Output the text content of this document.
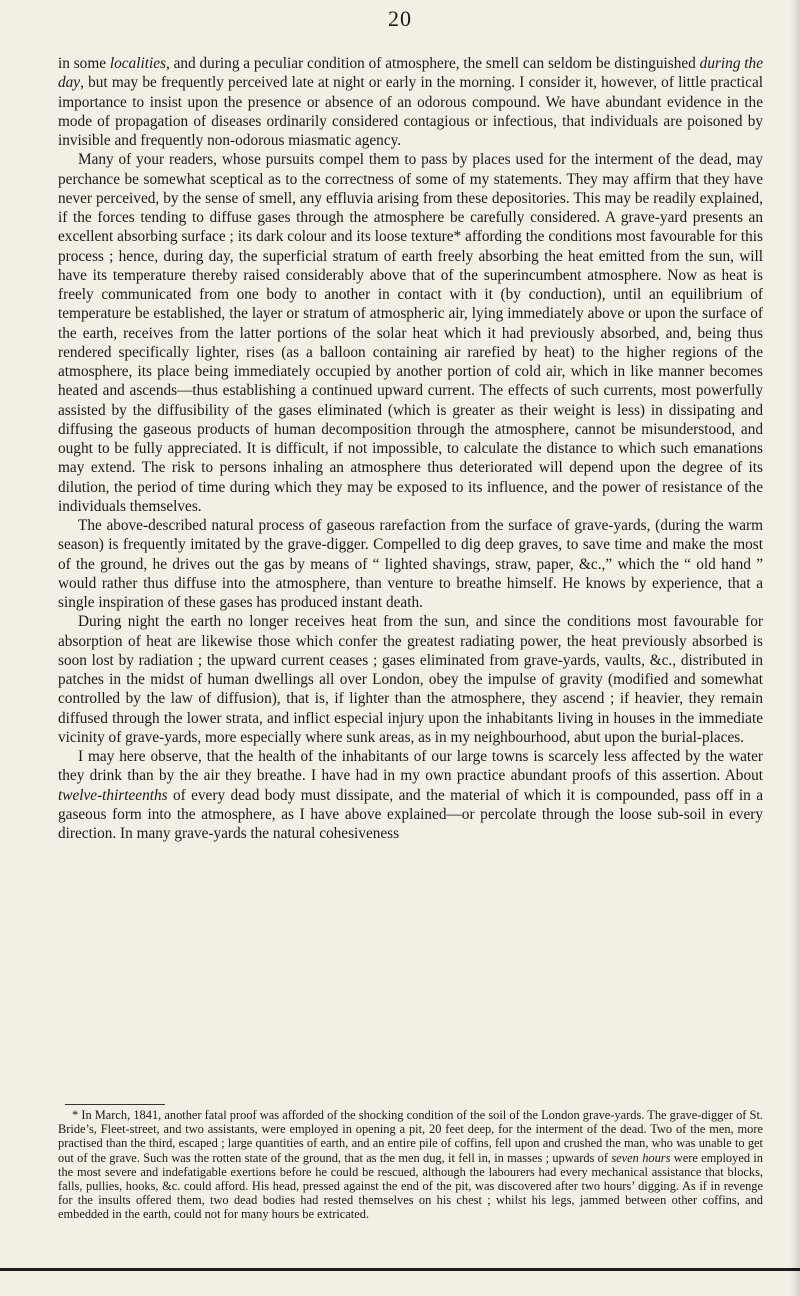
20

in some localities, and during a peculiar condition of atmosphere, the smell can seldom be distinguished during the day, but may be frequently perceived late at night or early in the morning. I consider it, however, of little practical importance to insist upon the presence or absence of an odorous compound. We have abundant evidence in the mode of propagation of diseases ordinarily considered contagious or infectious, that individuals are poisoned by invisible and frequently non-odorous miasmatic agency.

Many of your readers, whose pursuits compel them to pass by places used for the interment of the dead, may perchance be somewhat sceptical as to the correctness of some of my statements. They may affirm that they have never perceived, by the sense of smell, any effluvia arising from these depositories. This may be readily explained, if the forces tending to diffuse gases through the atmosphere be carefully considered. A grave-yard presents an excellent absorbing surface ; its dark colour and its loose texture* affording the conditions most favourable for this process ; hence, during day, the superficial stratum of earth freely absorbing the heat emitted from the sun, will have its temperature thereby raised considerably above that of the superincumbent atmosphere. Now as heat is freely communicated from one body to another in contact with it (by conduction), until an equilibrium of temperature be established, the layer or stratum of atmospheric air, lying immediately above or upon the surface of the earth, receives from the latter portions of the solar heat which it had previously absorbed, and, being thus rendered specifically lighter, rises (as a balloon containing air rarefied by heat) to the higher regions of the atmosphere, its place being immediately occupied by another portion of cold air, which in like manner becomes heated and ascends—thus establishing a continued upward current. The effects of such currents, most powerfully assisted by the diffusibility of the gases eliminated (which is greater as their weight is less) in dissipating and diffusing the gaseous products of human decomposition through the atmosphere, cannot be misunderstood, and ought to be fully appreciated. It is difficult, if not impossible, to calculate the distance to which such emanations may extend. The risk to persons inhaling an atmosphere thus deteriorated will depend upon the degree of its dilution, the period of time during which they may be exposed to its influence, and the power of resistance of the individuals themselves.

The above-described natural process of gaseous rarefaction from the surface of grave-yards, (during the warm season) is frequently imitated by the grave-digger. Compelled to dig deep graves, to save time and make the most of the ground, he drives out the gas by means of “ lighted shavings, straw, paper, &c.,” which the “ old hand ” would rather thus diffuse into the atmosphere, than venture to breathe himself. He knows by experience, that a single inspiration of these gases has produced instant death.

During night the earth no longer receives heat from the sun, and since the conditions most favourable for absorption of heat are likewise those which confer the greatest radiating power, the heat previously absorbed is soon lost by radiation ; the upward current ceases ; gases eliminated from grave-yards, vaults, &c., distributed in patches in the midst of human dwellings all over London, obey the impulse of gravity (modified and somewhat controlled by the law of diffusion), that is, if lighter than the atmosphere, they ascend ; if heavier, they remain diffused through the lower strata, and inflict especial injury upon the inhabitants living in houses in the immediate vicinity of grave-yards, more especially where sunk areas, as in my neighbourhood, abut upon the burial-places.

I may here observe, that the health of the inhabitants of our large towns is scarcely less affected by the water they drink than by the air they breathe. I have had in my own practice abundant proofs of this assertion. About twelve-thirteenths of every dead body must dissipate, and the material of which it is compounded, pass off in a gaseous form into the atmosphere, as I have above explained—or percolate through the loose sub-soil in every direction. In many grave-yards the natural cohesiveness

* In March, 1841, another fatal proof was afforded of the shocking condition of the soil of the London grave-yards. The grave-digger of St. Bride’s, Fleet-street, and two assistants, were employed in opening a pit, 20 feet deep, for the interment of the dead. Two of the men, more practised than the third, escaped ; large quantities of earth, and an entire pile of coffins, fell upon and crushed the man, who was unable to get out of the grave. Such was the rotten state of the ground, that as the men dug, it fell in, in masses ; upwards of seven hours were employed in the most severe and indefatigable exertions before he could be rescued, although the labourers had every mechanical assistance that blocks, falls, pullies, hooks, &c. could afford. His head, pressed against the end of the pit, was discovered after two hours’ digging. As if in revenge for the insults offered them, two dead bodies had rested themselves on his chest ; whilst his legs, jammed between other coffins, and embedded in the earth, could not for many hours be extricated.
